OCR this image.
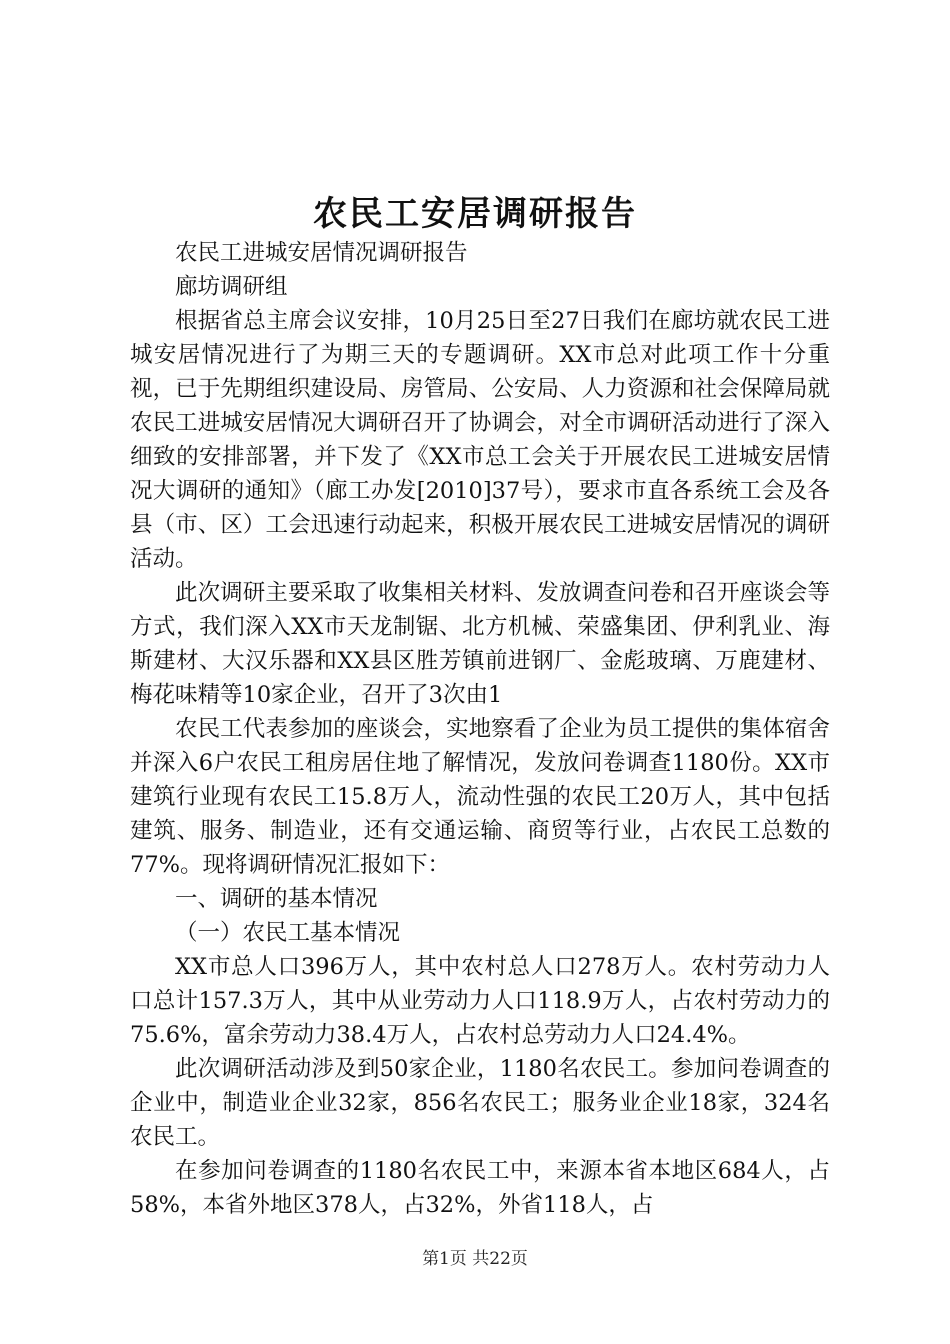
农民工安居调研报告

农民工进城安居情况调研报告

廊坊调研组

根据省总主席会议安排，10月25日至27日我们在廊坊就农民工进城安居情况进行了为期三天的专题调研。XX市总对此项工作十分重视，已于先期组织建设局、房管局、公安局、人力资源和社会保障局就农民工进城安居情况大调研召开了协调会，对全市调研活动进行了深入细致的安排部署，并下发了《XX市总工会关于开展农民工进城安居情况大调研的通知》（廊工办发[2010]37号），要求市直各系统工会及各县（市、区）工会迅速行动起来，积极开展农民工进城安居情况的调研活动。

此次调研主要采取了收集相关材料、发放调查问卷和召开座谈会等方式，我们深入XX市天龙制锯、北方机械、荣盛集团、伊利乳业、海斯建材、大汉乐器和XX县区胜芳镇前进钢厂、金彪玻璃、万鹿建材、梅花味精等10家企业，召开了3次由1

农民工代表参加的座谈会，实地察看了企业为员工提供的集体宿舍并深入6户农民工租房居住地了解情况，发放问卷调查1180份。XX市建筑行业现有农民工15.8万人，流动性强的农民工20万人，其中包括建筑、服务、制造业，还有交通运输、商贸等行业，占农民工总数的77%。现将调研情况汇报如下：

一、调研的基本情况

（一）农民工基本情况

XX市总人口396万人，其中农村总人口278万人。农村劳动力人口总计157.3万人，其中从业劳动力人口118.9万人，占农村劳动力的75.6%，富余劳动力38.4万人，占农村总劳动力人口24.4%。

此次调研活动涉及到50家企业，1180名农民工。参加问卷调查的企业中，制造业企业32家，856名农民工；服务业企业18家，324名农民工。

在参加问卷调查的1180名农民工中，来源本省本地区684人，占58%，本省外地区378人，占32%，外省118人，占

第1页 共22页
